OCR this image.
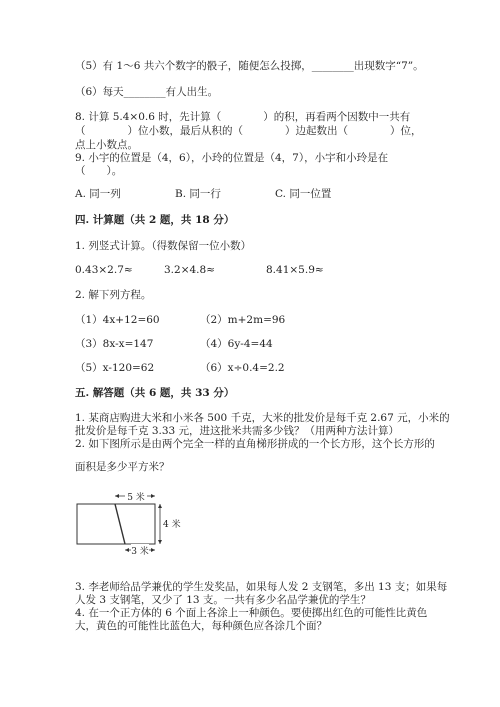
（5）有 1～6 共六个数字的骰子，随便怎么投掷，________出现数字“7”。
（6）每天________有人出生。
8. 计算 5.4×0.6 时，先计算（　　　　）的积，再看两个因数中一共有
（　　　　）位小数，最后从积的（　　　　）边起数出（　　　　）位，
点上小数点。
9. 小宇的位置是（4，6），小玲的位置是（4，7），小宇和小玲是在
（　　）。
A. 同一列	B. 同一行	C. 同一位置
四. 计算题（共 2 题，共 18 分）
1. 列竖式计算。（得数保留一位小数）
0.43×2.7≈	3.2×4.8≈	8.41×5.9≈
2. 解下列方程。
（1）4x+12=60	（2）m+2m=96
（3）8x-x=147	（4）6y-4=44
（5）x-120=62	（6）x÷0.4=2.2
五. 解答题（共 6 题，共 33 分）
1. 某商店购进大米和小米各 500 千克，大米的批发价是每千克 2.67 元，小米的
批发价是每千克 3.33 元，进这批米共需多少钱？（用两种方法计算）
2. 如下图所示是由两个完全一样的直角梯形拼成的一个长方形，这个长方形的
面积是多少平方米？
5 米
4 米
3 米
3. 李老师给品学兼优的学生发奖品，如果每人发 2 支钢笔，多出 13 支；如果每
人发 3 支钢笔，又少了 13 支。一共有多少名品学兼优的学生？
4. 在一个正方体的 6 个面上各涂上一种颜色。要使掷出红色的可能性比黄色
大，黄色的可能性比蓝色大，每种颜色应各涂几个面？
